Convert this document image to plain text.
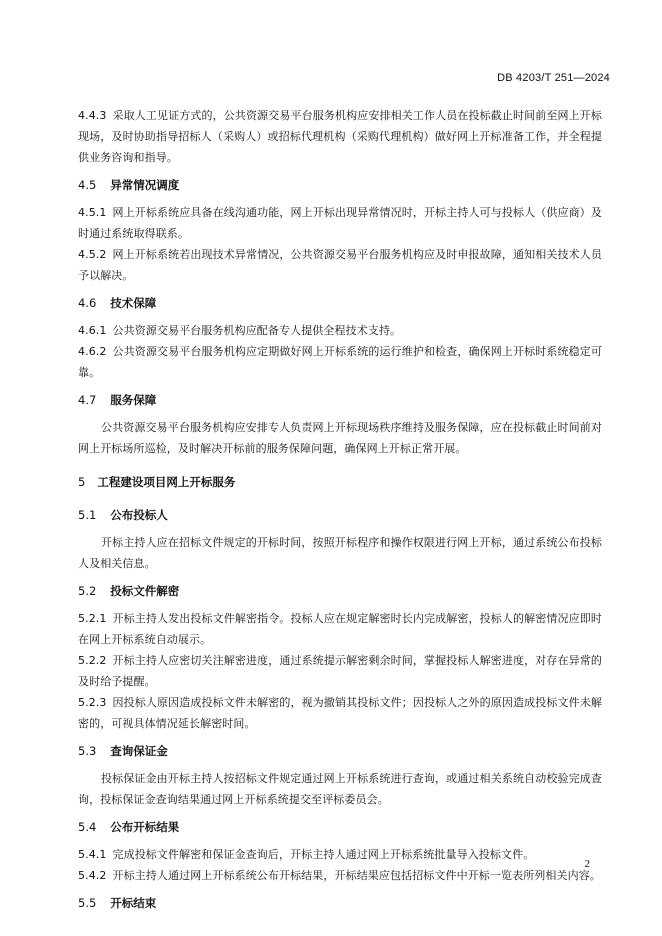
DB 4203/T 251—2024

4.4.3 采取人工见证方式的，公共资源交易平台服务机构应安排相关工作人员在投标截止时间前至网上开标现场，及时协助指导招标人（采购人）或招标代理机构（采购代理机构）做好网上开标准备工作，并全程提供业务咨询和指导。

4.5 异常情况调度

4.5.1 网上开标系统应具备在线沟通功能，网上开标出现异常情况时，开标主持人可与投标人（供应商）及时通过系统取得联系。

4.5.2 网上开标系统若出现技术异常情况，公共资源交易平台服务机构应及时申报故障，通知相关技术人员予以解决。

4.6 技术保障

4.6.1 公共资源交易平台服务机构应配备专人提供全程技术支持。

4.6.2 公共资源交易平台服务机构应定期做好网上开标系统的运行维护和检查，确保网上开标时系统稳定可靠。

4.7 服务保障

公共资源交易平台服务机构应安排专人负责网上开标现场秩序维持及服务保障，应在投标截止时间前对网上开标场所巡检，及时解决开标前的服务保障问题，确保网上开标正常开展。

5 工程建设项目网上开标服务
5.1 公布投标人

开标主持人应在招标文件规定的开标时间，按照开标程序和操作权限进行网上开标，通过系统公布投标人及相关信息。

5.2 投标文件解密

5.2.1 开标主持人发出投标文件解密指令。投标人应在规定解密时长内完成解密，投标人的解密情况应即时在网上开标系统自动展示。

5.2.2 开标主持人应密切关注解密进度，通过系统提示解密剩余时间，掌握投标人解密进度，对存在异常的及时给予提醒。

5.2.3 因投标人原因造成投标文件未解密的，视为撤销其投标文件；因投标人之外的原因造成投标文件未解密的，可视具体情况延长解密时间。

5.3 查询保证金

投标保证金由开标主持人按招标文件规定通过网上开标系统进行查询，或通过相关系统自动校验完成查询，投标保证金查询结果通过网上开标系统提交至评标委员会。

5.4 公布开标结果

5.4.1 完成投标文件解密和保证金查询后，开标主持人通过网上开标系统批量导入投标文件。

5.4.2 开标主持人通过网上开标系统公布开标结果，开标结果应包括招标文件中开标一览表所列相关内容。

5.5 开标结束
2
